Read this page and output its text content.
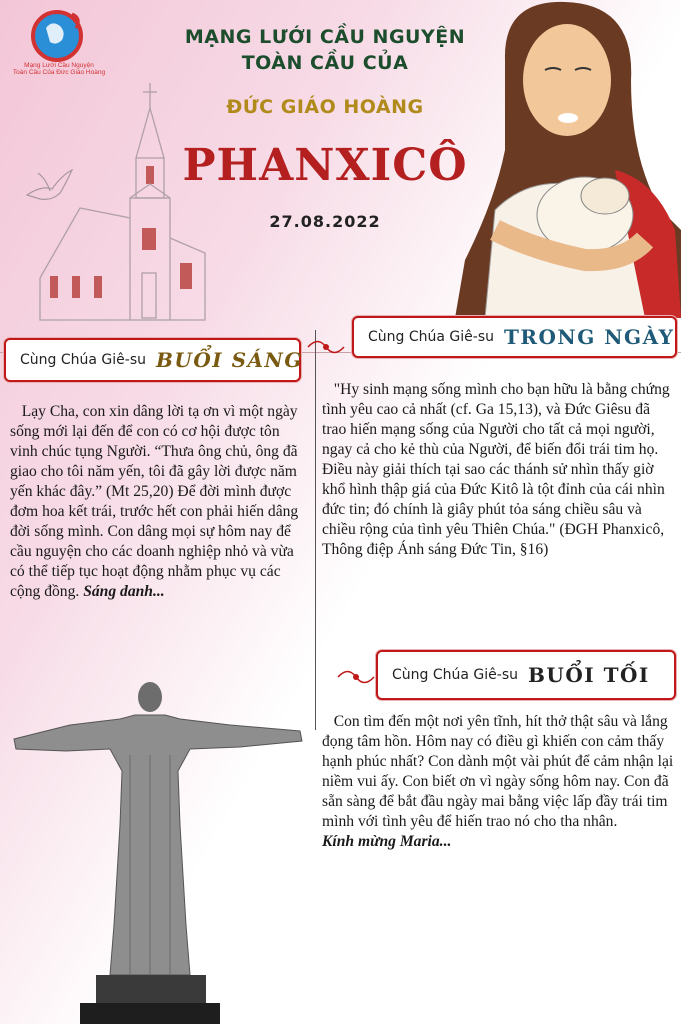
Mạng Lưới Cầu Nguyện
Toàn Cầu Của Đức Giáo Hoàng
MẠNG LƯỚI CẦU NGUYỆN
TOÀN CẦU CỦA
ĐỨC GIÁO HOÀNG
PHANXICÔ
27.08.2022
Cùng Chúa Giê-su BUỔI SÁNG
Lạy Cha, con xin dâng lời tạ ơn vì một ngày sống mới lại đến để con có cơ hội được tôn vinh chúc tụng Người. “Thưa ông chủ, ông đã giao cho tôi năm yến, tôi đã gây lời được năm yến khác đây.” (Mt 25,20) Để đời mình được đơm hoa kết trái, trước hết con phải hiến dâng đời sống mình. Con dâng mọi sự hôm nay để cầu nguyện cho các doanh nghiệp nhỏ và vừa có thể tiếp tục hoạt động nhằm phục vụ các cộng đồng. Sáng danh...
Cùng Chúa Giê-su TRONG NGÀY
"Hy sinh mạng sống mình cho bạn hữu là bằng chứng tình yêu cao cả nhất (cf. Ga 15,13), và Đức Giêsu đã trao hiến mạng sống của Người cho tất cả mọi người, ngay cả cho kẻ thù của Người, để biến đổi trái tim họ. Điều này giải thích tại sao các thánh sử nhìn thấy giờ khổ hình thập giá của Đức Kitô là tột đỉnh của cái nhìn đức tin; đó chính là giây phút tỏa sáng chiều sâu và chiều rộng của tình yêu Thiên Chúa." (ĐGH Phanxicô, Thông điệp Ánh sáng Đức Tin, §16)
Cùng Chúa Giê-su BUỔI TỐI
Con tìm đến một nơi yên tĩnh, hít thở thật sâu và lắng đọng tâm hồn. Hôm nay có điều gì khiến con cảm thấy hạnh phúc nhất? Con dành một vài phút để cảm nhận lại niềm vui ấy. Con biết ơn vì ngày sống hôm nay. Con đã sẵn sàng để bắt đầu ngày mai bằng việc lấp đầy trái tim mình với tình yêu để hiến trao nó cho tha nhân.
Kính mừng Maria...
